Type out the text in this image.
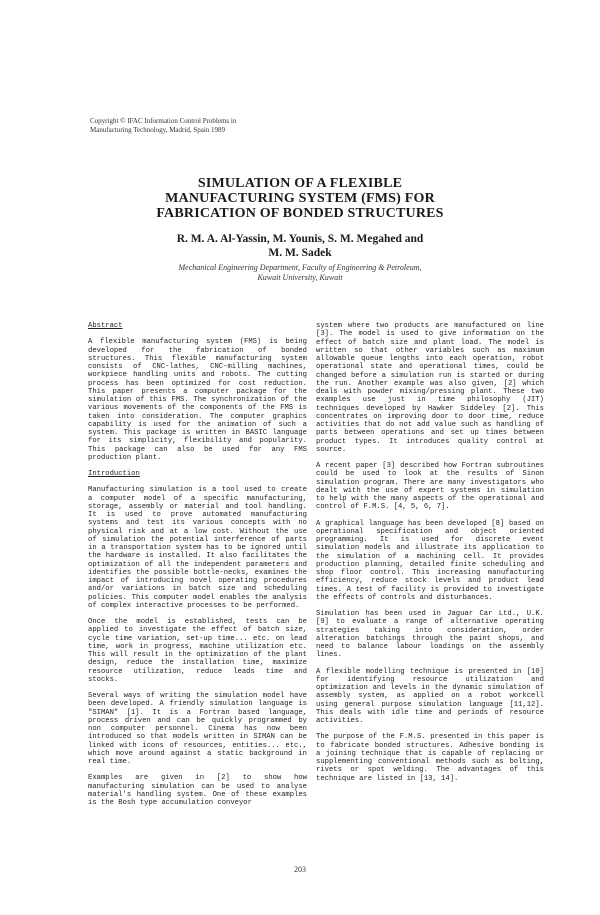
Copyright © IFAC Information Control Problems in
Manufacturing Technology, Madrid, Spain 1989
SIMULATION OF A FLEXIBLE
MANUFACTURING SYSTEM (FMS) FOR
FABRICATION OF BONDED STRUCTURES
R. M. A. Al-Yassin, M. Younis, S. M. Megahed and
M. M. Sadek
Mechanical Engineering Department, Faculty of Engineering & Petroleum,
Kuwait University, Kuwait
Abstract

A flexible manufacturing system (FMS) is being developed for the fabrication of bonded structures. This flexible manufacturing system consists of CNC-lathes, CNC-milling machines, workpiece handling units and robots. The cutting process has been optimized for cost reduction. This paper presents a computer package for the simulation of this FMS. The synchronization of the various movements of the components of the FMS is taken into consideration. The computer graphics capability is used for the animation of such a system. This package is written in BASIC language for its simplicity, flexibility and popularity. This package can also be used for any FMS production plant.

Introduction

Manufacturing simulation is a tool used to create a computer model of a specific manufacturing, storage, assembly or material and tool handling. It is used to prove automated manufacturing systems and test its various concepts with no physical risk and at a low cost. Without the use of simulation the potential interference of parts in a transportation system has to be ignored until the hardware is installed. It also facilitates the optimization of all the independent parameters and identifies the possible bottle-necks, examines the impact of introducing novel operating procedures and/or variations in batch size and scheduling policies. This computer model enables the analysis of complex interactive processes to be performed.

Once the model is established, tests can be applied to investigate the effect of batch size, cycle time variation, set-up time... etc. on lead time, work in progress, machine utilization etc. This will result in the optimization of the plant design, reduce the installation time, maximize resource utilization, reduce leads time and stocks.

Several ways of writing the simulation model have been developed. A friendly simulation language is "SIMAN" [1]. It is a Fortran based language, process driven and can be quickly programmed by non computer personnel. Cinema has now been introduced so that models written in SIMAN can be linked with icons of resources, entities... etc., which move around against a static background in real time.

Examples are given in [2] to show how manufacturing simulation can be used to analyse material's handling system. One of these examples is the Bosh type accumulation conveyor

system where two products are manufactured on line [3]. The model is used to give information on the effect of batch size and plant load. The model is written so that other variables such as maximum allowable queue lengths into each operation, robot operational state and operational times, could be changed before a simulation run is started or during the run. Another example was also given, [2] which deals with powder mixing/pressing plant. These two examples use just in time philosophy (JIT) techniques developed by Hawker Siddeley [2]. This concentrates on improving door to door time, reduce activities that do not add value such as handling of parts between operations and set up times between product types. It introduces quality control at source.

A recent paper [3] described how Fortran subroutines could be used to look at the results of Sinon simulation program. There are many investigators who dealt with the use of expert systems in simulation to help with the many aspects of the operational and control of F.M.S. [4, 5, 6, 7].

A graphical language has been developed [8] based on operational specification and object oriented programming. It is used for discrete event simulation models and illustrate its application to the simulation of a machining cell. It provides production planning, detailed finite scheduling and shop floor control. This increasing manufacturing efficiency, reduce stock levels and product lead times. A test of facility is provided to investigate the effects of controls and disturbances.

Simulation has been used in Jaguar Car Ltd., U.K. [9] to evaluate a range of alternative operating strategies taking into consideration, order alteration batchings through the paint shops, and need to balance labour loadings on the assembly lines.

A flexible modelling technique is presented in [10] for identifying resource utilization and optimization and levels in the dynamic simulation of assembly system, as applied on a robot workcell using general purpose simulation language [11,12]. This deals with idle time and periods of resource activities.

The purpose of the F.M.S. presented in this paper is to fabricate bonded structures. Adhesive bonding is a joining technique that is capable of replacing or supplementing conventional methods such as bolting, rivets or spot welding. The advantages of this technique are listed in [13, 14].

203
